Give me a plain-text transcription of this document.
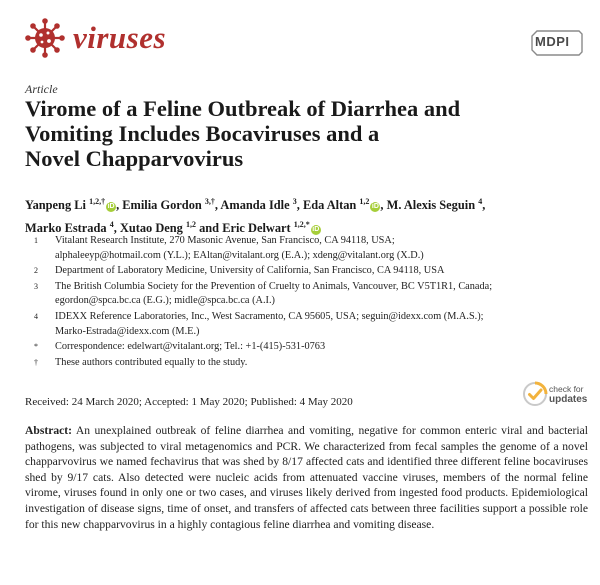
viruses	MDPI
Article
Virome of a Feline Outbreak of Diarrhea and
Vomiting Includes Bocaviruses and a
Novel Chapparvovirus
Yanpeng Li $^{1,2,\dagger}$iD , Emilia Gordon $^{3,\dagger}$, Amanda Idle $^3$, Eda Altan $^{1,2}$iD , M. Alexis Seguin $^4$,
Marko Estrada $^4$, Xutao Deng $^{1,2}$ and Eric Delwart $^{1,2,*}$iD
1 Vitalant Research Institute, 270 Masonic Avenue, San Francisco, CA 94118, USA;
alphaleeyp@hotmail.com (Y.L.); EAltan@vitalant.org (E.A.); xdeng@vitalant.org (X.D.)
2 Department of Laboratory Medicine, University of California, San Francisco, CA 94118, USA
3 The British Columbia Society for the Prevention of Cruelty to Animals, Vancouver, BC V5T1R1, Canada;
egordon@spca.bc.ca (E.G.); midle@spca.bc.ca (A.I.)
4 IDEXX Reference Laboratories, Inc., West Sacramento, CA 95605, USA; seguin@idexx.com (M.A.S.);
Marko-Estrada@idexx.com (M.E.)
* Correspondence: edelwart@vitalant.org; Tel.: +1-(415)-531-0763
† These authors contributed equally to the study.
Received: 24 March 2020; Accepted: 1 May 2020; Published: 4 May 2020
check for
updates
Abstract: An unexplained outbreak of feline diarrhea and vomiting, negative for common enteric viral and bacterial pathogens, was subjected to viral metagenomics and PCR. We characterized from fecal samples the genome of a novel chapparvovirus we named fechavirus that was shed by 8/17 affected cats and identified three different feline bocaviruses shed by 9/17 cats. Also detected were nucleic acids from attenuated vaccine viruses, members of the normal feline virome, viruses found in only one or two cases, and viruses likely derived from ingested food products. Epidemiological investigation of disease signs, time of onset, and transfers of affected cats between three facilities support a possible role for this new chapparvovirus in a highly contagious feline diarrhea and vomiting disease.
